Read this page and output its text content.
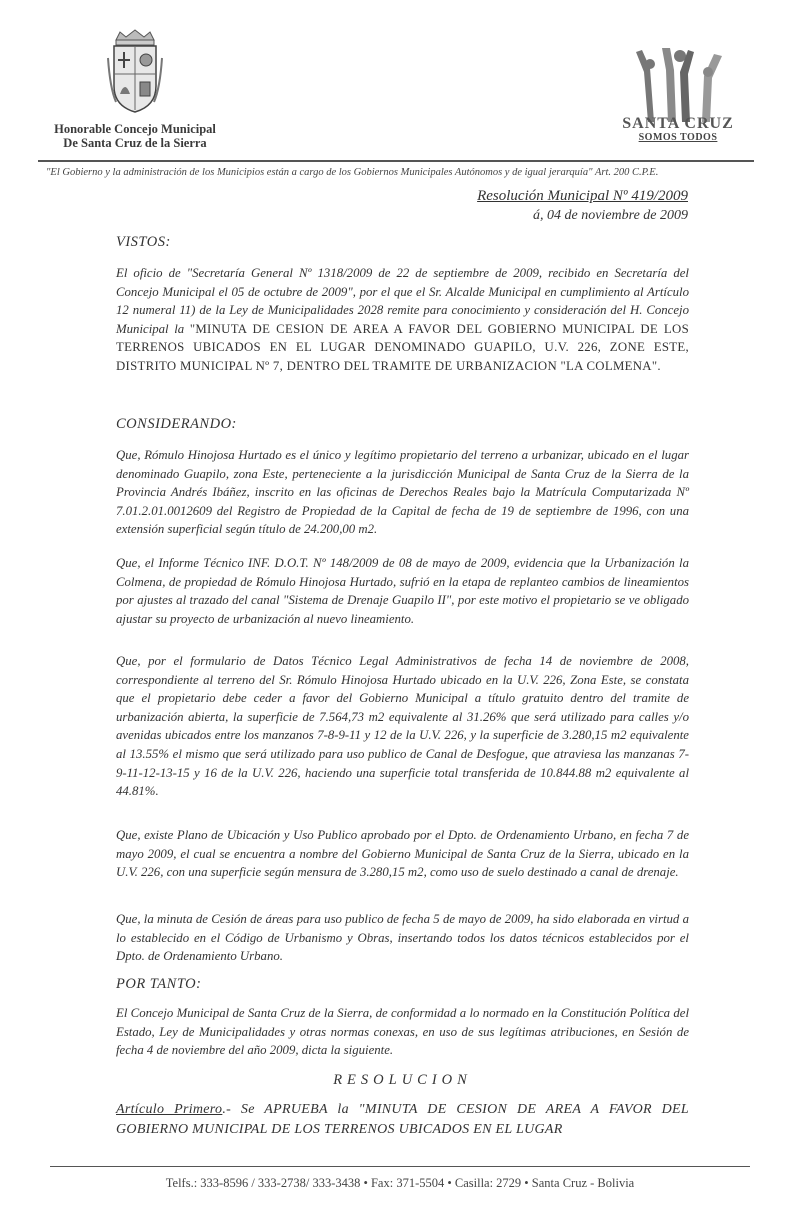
Honorable Concejo Municipal
De Santa Cruz de la Sierra
SANTA CRUZ
SOMOS TODOS
"El Gobierno y la administración de los Municipios están a cargo de los Gobiernos Municipales Autónomos y de igual jerarquía" Art. 200 C.P.E.
Resolución Municipal Nº 419/2009
á, 04 de noviembre de 2009
VISTOS:
El oficio de "Secretaría General Nº 1318/2009 de 22 de septiembre de 2009, recibido en Secretaría del Concejo Municipal el 05 de octubre de 2009", por el que el Sr. Alcalde Municipal en cumplimiento al Artículo 12 numeral 11) de la Ley de Municipalidades 2028 remite para conocimiento y consideración del H. Concejo Municipal la "MINUTA DE CESION DE AREA A FAVOR DEL GOBIERNO MUNICIPAL DE LOS TERRENOS UBICADOS EN EL LUGAR DENOMINADO GUAPILO, U.V. 226, ZONE ESTE, DISTRITO MUNICIPAL Nº 7, DENTRO DEL TRAMITE DE URBANIZACION "LA COLMENA".
CONSIDERANDO:
Que, Rómulo Hinojosa Hurtado es el único y legítimo propietario del terreno a urbanizar, ubicado en el lugar denominado Guapilo, zona Este, perteneciente a la jurisdicción Municipal de Santa Cruz de la Sierra de la Provincia Andrés Ibáñez, inscrito en las oficinas de Derechos Reales bajo la Matrícula Computarizada Nº 7.01.2.01.0012609 del Registro de Propiedad de la Capital de fecha de 19 de septiembre de 1996, con una extensión superficial según título de 24.200,00 m2.
Que, el Informe Técnico INF. D.O.T. Nº 148/2009 de 08 de mayo de 2009, evidencia que la Urbanización la Colmena, de propiedad de Rómulo Hinojosa Hurtado, sufrió en la etapa de replanteo cambios de lineamientos por ajustes al trazado del canal "Sistema de Drenaje Guapilo II", por este motivo el propietario se ve obligado ajustar su proyecto de urbanización al nuevo lineamiento.
Que, por el formulario de Datos Técnico Legal Administrativos de fecha 14 de noviembre de 2008, correspondiente al terreno del Sr. Rómulo Hinojosa Hurtado ubicado en la U.V. 226, Zona Este, se constata que el propietario debe ceder a favor del Gobierno Municipal a título gratuito dentro del tramite de urbanización abierta, la superficie de 7.564,73 m2 equivalente al 31.26% que será utilizado para calles y/o avenidas ubicados entre los manzanos 7-8-9-11 y 12 de la U.V. 226, y la superficie de 3.280,15 m2 equivalente al 13.55% el mismo que será utilizado para uso publico de Canal de Desfogue, que atraviesa las manzanas 7-9-11-12-13-15 y 16 de la U.V. 226, haciendo una superficie total transferida de 10.844.88 m2 equivalente al 44.81%.
Que, existe Plano de Ubicación y Uso Publico aprobado por el Dpto. de Ordenamiento Urbano, en fecha 7 de mayo 2009, el cual se encuentra a nombre del Gobierno Municipal de Santa Cruz de la Sierra, ubicado en la U.V. 226, con una superficie según mensura de 3.280,15 m2, como uso de suelo destinado a canal de drenaje.
Que, la minuta de Cesión de áreas para uso publico de fecha 5 de mayo de 2009, ha sido elaborada en virtud a lo establecido en el Código de Urbanismo y Obras, insertando todos los datos técnicos establecidos por el Dpto. de Ordenamiento Urbano.
POR TANTO:
El Concejo Municipal de Santa Cruz de la Sierra, de conformidad a lo normado en la Constitución Política del Estado, Ley de Municipalidades y otras normas conexas, en uso de sus legítimas atribuciones, en Sesión de fecha 4 de noviembre del año 2009, dicta la siguiente.
RESOLUCION
Artículo Primero.- Se APRUEBA la "MINUTA DE CESION DE AREA A FAVOR DEL GOBIERNO MUNICIPAL DE LOS TERRENOS UBICADOS EN EL LUGAR
Telfs.: 333-8596 / 333-2738/ 333-3438 • Fax: 371-5504 • Casilla: 2729 • Santa Cruz - Bolivia
